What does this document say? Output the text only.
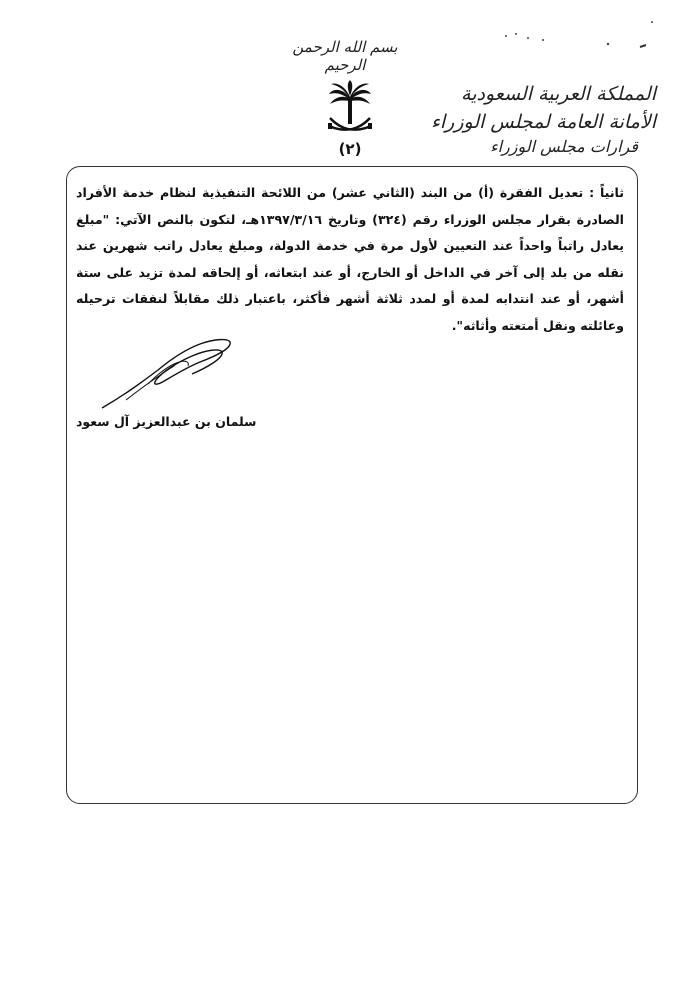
بسم الله الرحمن الرحيم
(٢)
المملكة العربية السعودية
الأمانة العامة لمجلس الوزراء
قرارات مجلس الوزراء

ثانياً : تعديل الفقرة (أ) من البند (الثاني عشر) من اللائحة التنفيذية لنظام خدمة الأفراد الصادرة بقرار مجلس الوزراء رقم (٣٢٤) وتاريخ ١٣٩٧/٣/١٦هـ، لتكون بالنص الآتي: "مبلغ يعادل راتباً واحداً عند التعيين لأول مرة في خدمة الدولة، ومبلغ يعادل راتب شهرين عند نقله من بلد إلى آخر في الداخل أو الخارج، أو عند ابتعاثه، أو إلحاقه لمدة تزيد على ستة أشهر، أو عند انتدابه لمدة أو لمدد ثلاثة أشهر فأكثر، باعتبار ذلك مقابلاً لنفقات ترحيله وعائلته ونقل أمتعته وأثاثه".

سلمان بن عبدالعزيز آل سعود
